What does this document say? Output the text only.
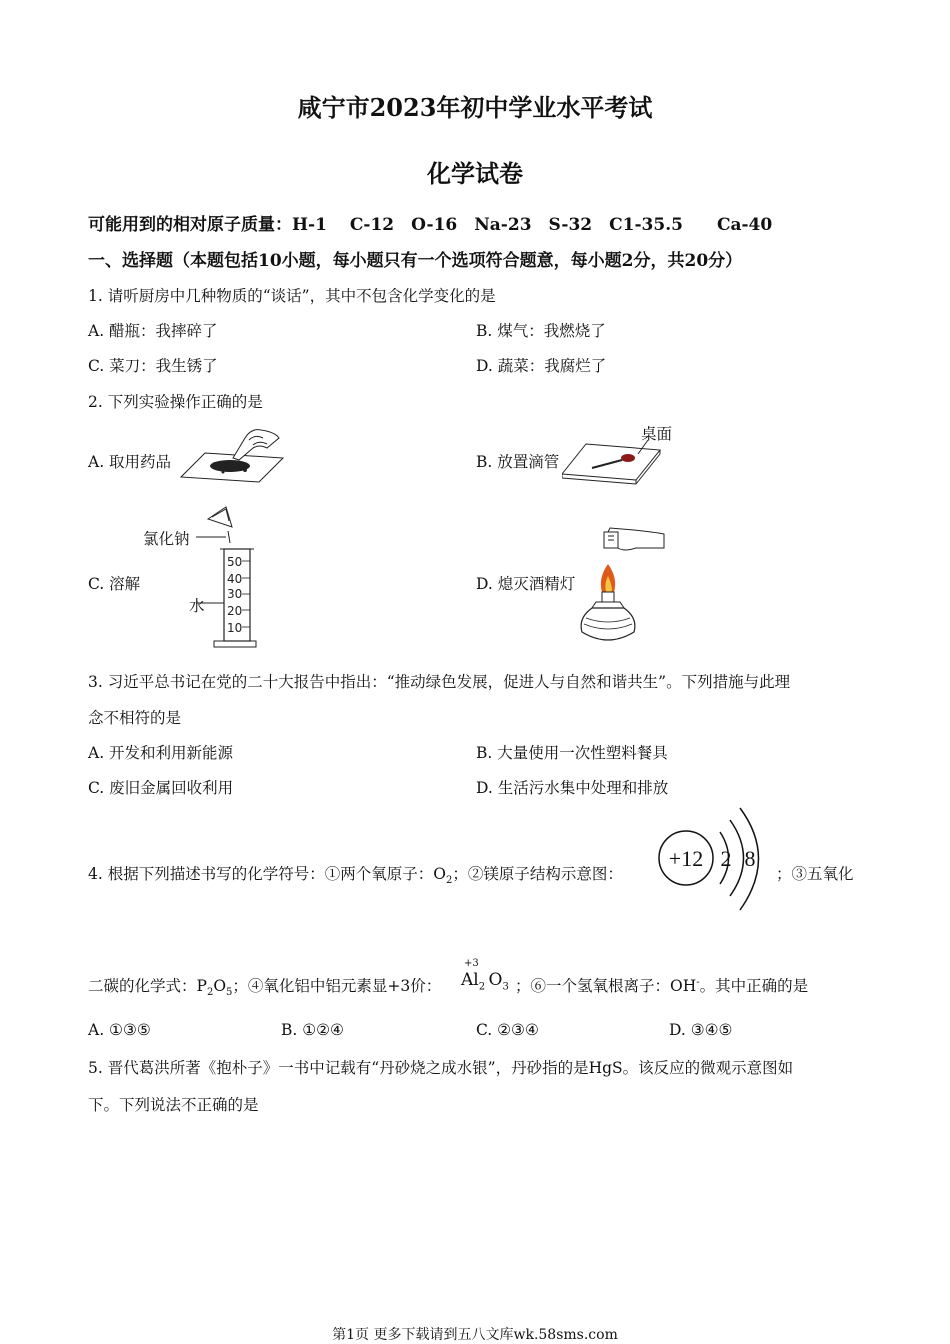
咸宁市2023年初中学业水平考试
化学试卷
可能用到的相对原子质量：H-1　 C-12　O-16　Na-23　S-32　C1-35.5　　Ca-40
一、选择题（本题包括10小题，每小题只有一个选项符合题意，每小题2分，共20分）
1. 请听厨房中几种物质的“谈话”，其中不包含化学变化的是
A. 醋瓶：我摔碎了	B. 煤气：我燃烧了
C. 菜刀：我生锈了	D. 蔬菜：我腐烂了
2. 下列实验操作正确的是
A. 取用药品	B. 放置滴管
桌面
C. 溶解
氯化钠
水
50
40
30
20
10
D. 熄灭酒精灯
3. 习近平总书记在党的二十大报告中指出：“推动绿色发展，促进人与自然和谐共生”。下列措施与此理
念不相符的是
A. 开发和利用新能源	B. 大量使用一次性塑料餐具
C. 废旧金属回收利用	D. 生活污水集中处理和排放
4. 根据下列描述书写的化学符号：①两个氧原子：$O_2$；②镁原子结构示意图：
+12 2 8
；③五氧化
二碳的化学式：$P_2O_5$；④氧化铝中铝元素显+3价：
+3
$Al_2$  $O_3$ ；⑥一个氢氧根离子：OH-。其中正确的是
A. ①③⑤	B. ①②④	C. ②③④	D. ③④⑤
5. 晋代葛洪所著《抱朴子》一书中记载有“丹砂烧之成水银”，丹砂指的是HgS。该反应的微观示意图如
下。下列说法不正确的是
第1页 更多下载请到五八文库wk.58sms.com
